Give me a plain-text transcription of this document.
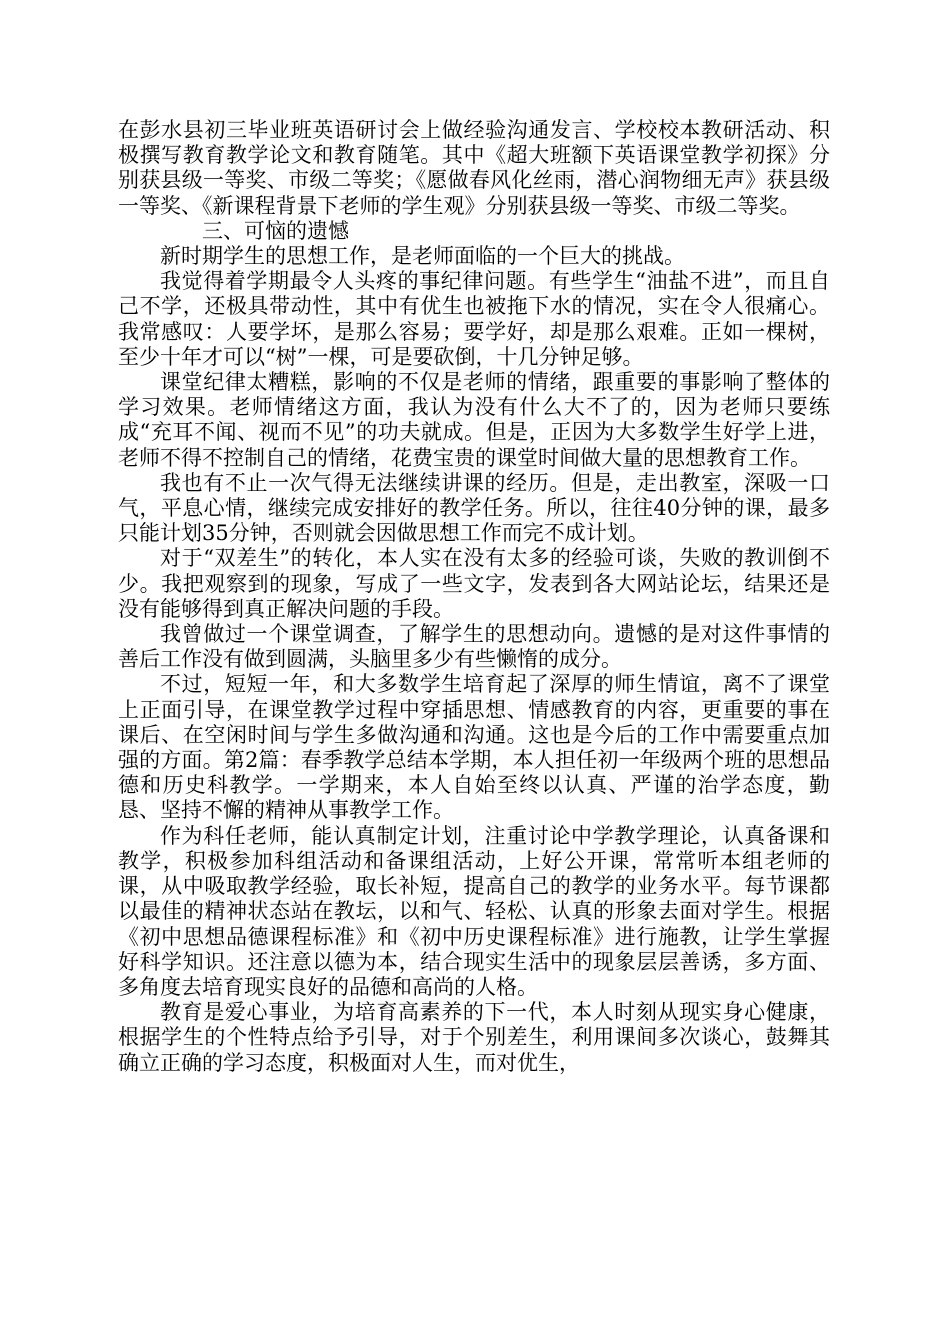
在彭水县初三毕业班英语研讨会上做经验沟通发言、学校校本教研活动、积极撰写教育教学论文和教育随笔。其中《超大班额下英语课堂教学初探》分别获县级一等奖、市级二等奖；《愿做春风化丝雨，潜心润物细无声》获县级一等奖、《新课程背景下老师的学生观》分别获县级一等奖、市级二等奖。

三、可恼的遗憾

新时期学生的思想工作，是老师面临的一个巨大的挑战。

我觉得着学期最令人头疼的事纪律问题。有些学生“油盐不进”，而且自己不学，还极具带动性，其中有优生也被拖下水的情况，实在令人很痛心。我常感叹：人要学坏，是那么容易；要学好，却是那么艰难。正如一棵树，至少十年才可以“树”一棵，可是要砍倒，十几分钟足够。

课堂纪律太糟糕，影响的不仅是老师的情绪，跟重要的事影响了整体的学习效果。老师情绪这方面，我认为没有什么大不了的，因为老师只要练成“充耳不闻、视而不见”的功夫就成。但是，正因为大多数学生好学上进，老师不得不控制自己的情绪，花费宝贵的课堂时间做大量的思想教育工作。

我也有不止一次气得无法继续讲课的经历。但是，走出教室，深吸一口气，平息心情，继续完成安排好的教学任务。所以，往往40分钟的课，最多只能计划35分钟，否则就会因做思想工作而完不成计划。

对于“双差生”的转化，本人实在没有太多的经验可谈，失败的教训倒不少。我把观察到的现象，写成了一些文字，发表到各大网站论坛，结果还是没有能够得到真正解决问题的手段。

我曾做过一个课堂调查，了解学生的思想动向。遗憾的是对这件事情的善后工作没有做到圆满，头脑里多少有些懒惰的成分。

不过，短短一年，和大多数学生培育起了深厚的师生情谊，离不了课堂上正面引导，在课堂教学过程中穿插思想、情感教育的内容，更重要的事在课后、在空闲时间与学生多做沟通和沟通。这也是今后的工作中需要重点加强的方面。第2篇：春季教学总结本学期，本人担任初一年级两个班的思想品德和历史科教学。一学期来，本人自始至终以认真、严谨的治学态度，勤恳、坚持不懈的精神从事教学工作。

作为科任老师，能认真制定计划，注重讨论中学教学理论，认真备课和教学，积极参加科组活动和备课组活动，上好公开课，常常听本组老师的课，从中吸取教学经验，取长补短，提高自己的教学的业务水平。每节课都以最佳的精神状态站在教坛，以和气、轻松、认真的形象去面对学生。根据《初中思想品德课程标准》和《初中历史课程标准》进行施教，让学生掌握好科学知识。还注意以德为本，结合现实生活中的现象层层善诱，多方面、多角度去培育现实良好的品德和高尚的人格。

教育是爱心事业，为培育高素养的下一代，本人时刻从现实身心健康，根据学生的个性特点给予引导，对于个别差生，利用课间多次谈心，鼓舞其确立正确的学习态度，积极面对人生，而对优生，
